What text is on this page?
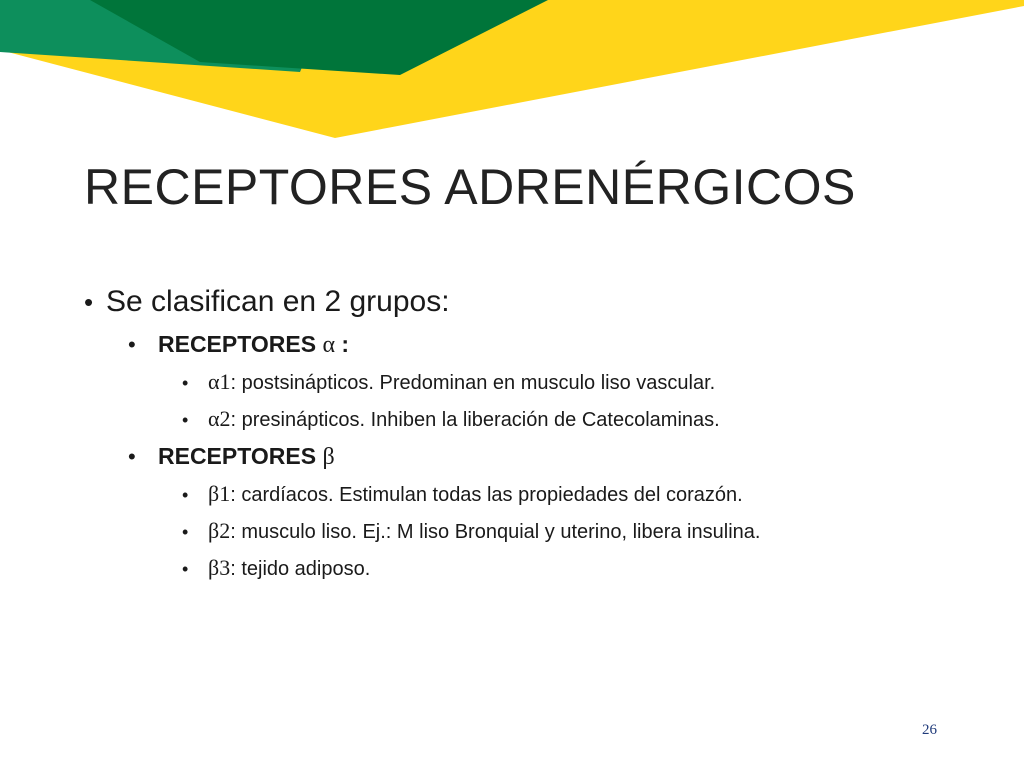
RECEPTORES ADRENÉRGICOS
• Se clasifican en 2 grupos:
• RECEPTORES α :
• α1 : postsinápticos. Predominan en musculo liso vascular.
• α2 : presinápticos. Inhiben la liberación de Catecolaminas.
• RECEPTORES β
• β1 : cardíacos. Estimulan todas las propiedades del corazón.
• β2 : musculo liso. Ej.: M liso Bronquial y uterino, libera insulina.
• β3 : tejido adiposo.
26
